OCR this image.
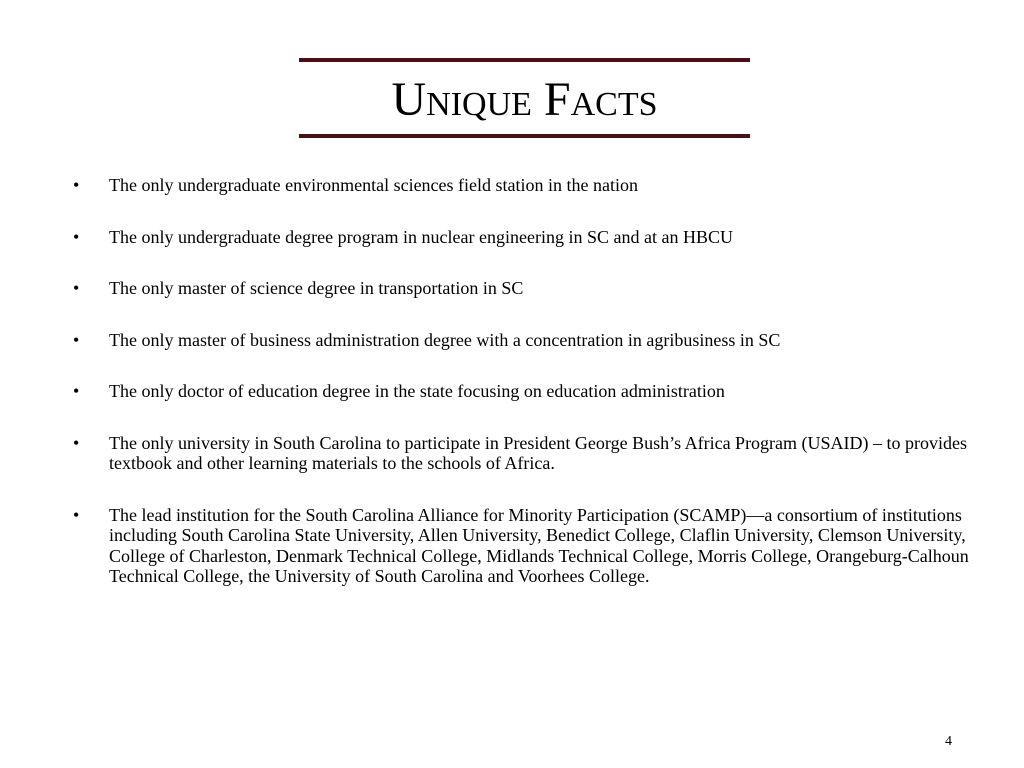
Unique Facts
• The only undergraduate environmental sciences field station in the nation
• The only undergraduate degree program in nuclear engineering in SC and at an HBCU
• The only master of science degree in transportation in SC
• The only master of business administration degree with a concentration in agribusiness in SC
• The only doctor of education degree in the state focusing on education administration
• The only university in South Carolina to participate in President George Bush’s Africa Program (USAID) – to provides textbook and other learning materials to the schools of Africa.
• The lead institution for the South Carolina Alliance for Minority Participation (SCAMP)—a consortium of institutions including South Carolina State University, Allen University, Benedict College, Claflin University, Clemson University, College of Charleston, Denmark Technical College, Midlands Technical College, Morris College, Orangeburg-Calhoun Technical College, the University of South Carolina and Voorhees College.
4
